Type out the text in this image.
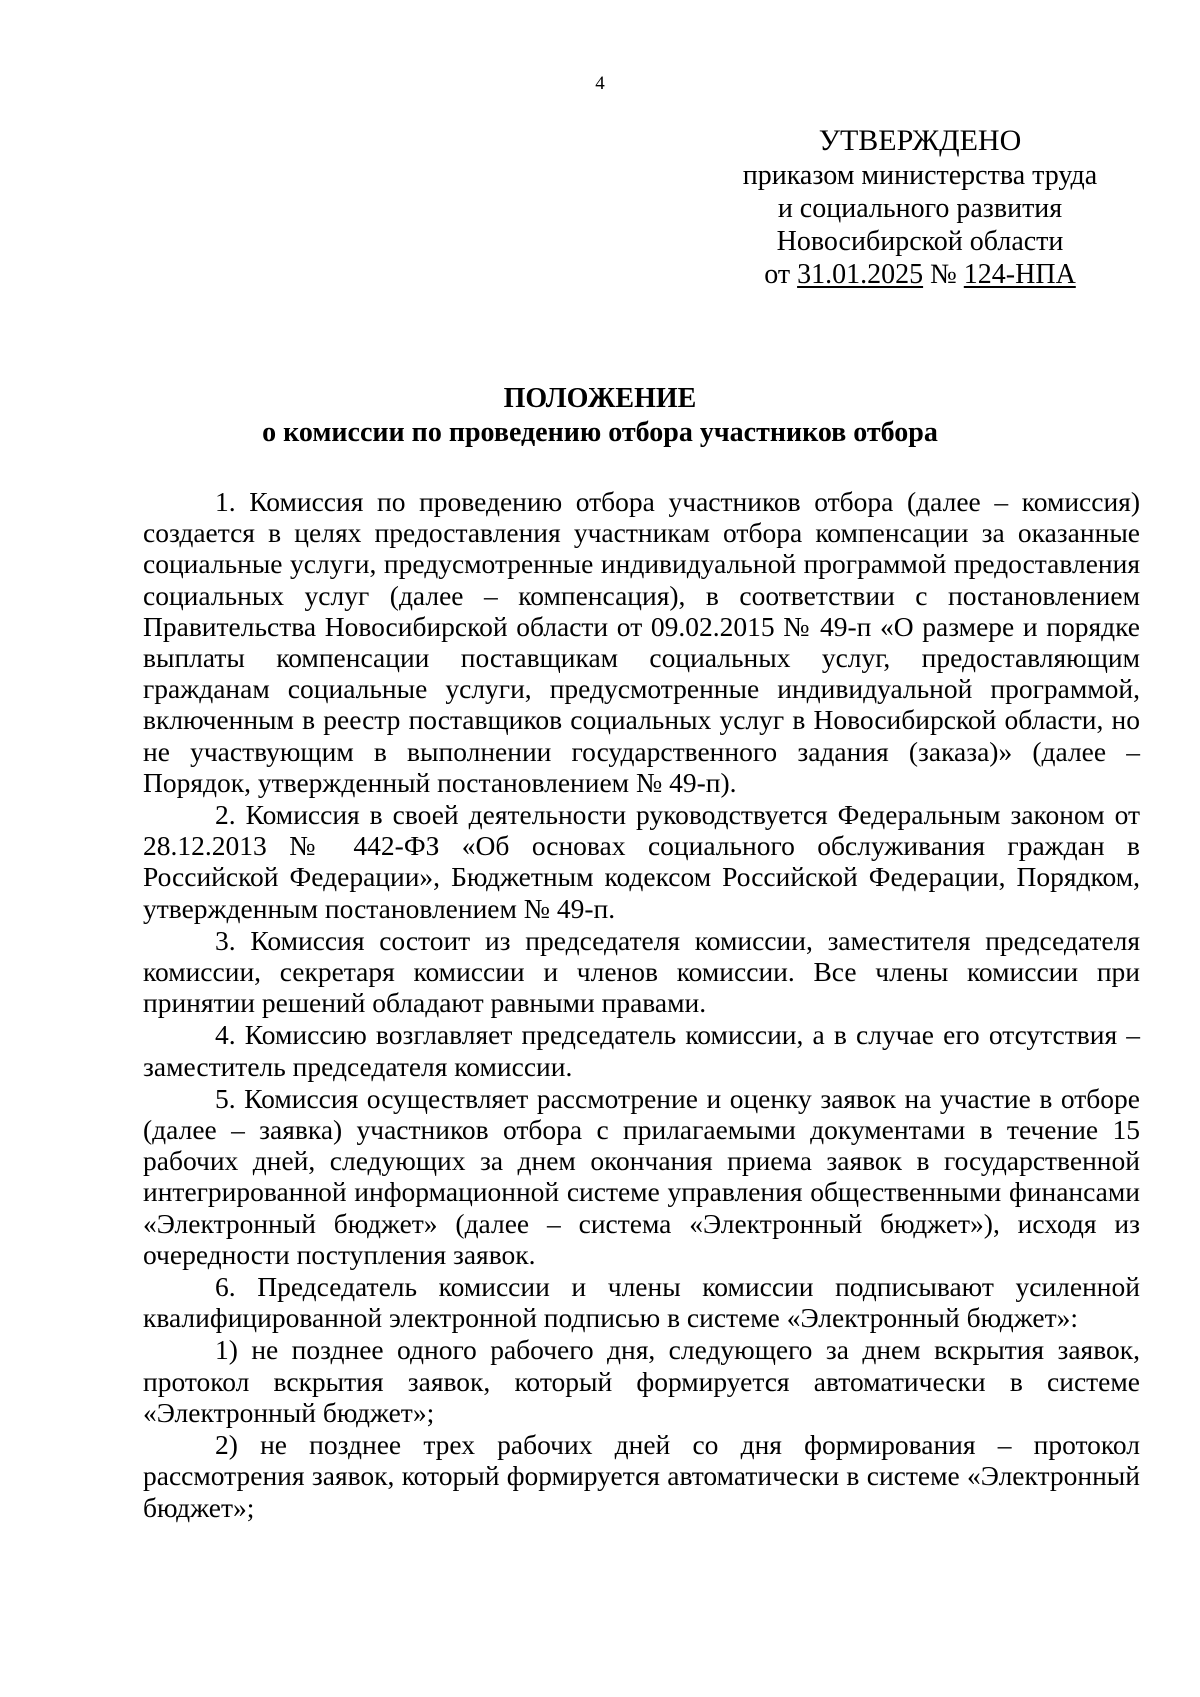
4
УТВЕРЖДЕНО
приказом министерства труда
и социального развития
Новосибирской области
от 31.01.2025 № 124-НПА
ПОЛОЖЕНИЕ
о комиссии по проведению отбора участников отбора

1. Комиссия по проведению отбора участников отбора (далее – комиссия) создается в целях предоставления участникам отбора компенсации за оказанные социальные услуги, предусмотренные индивидуальной программой предоставления социальных услуг (далее – компенсация), в соответствии с постановлением Правительства Новосибирской области от 09.02.2015 № 49-п «О размере и порядке выплаты компенсации поставщикам социальных услуг, предоставляющим гражданам социальные услуги, предусмотренные индивидуальной программой, включенным в реестр поставщиков социальных услуг в Новосибирской области, но не участвующим в выполнении государственного задания (заказа)» (далее – Порядок, утвержденный постановлением № 49-п).

2. Комиссия в своей деятельности руководствуется Федеральным законом от 28.12.2013 № 442-ФЗ «Об основах социального обслуживания граждан в Российской Федерации», Бюджетным кодексом Российской Федерации, Порядком, утвержденным постановлением № 49-п.

3. Комиссия состоит из председателя комиссии, заместителя председателя комиссии, секретаря комиссии и членов комиссии. Все члены комиссии при принятии решений обладают равными правами.

4. Комиссию возглавляет председатель комиссии, а в случае его отсутствия – заместитель председателя комиссии.

5. Комиссия осуществляет рассмотрение и оценку заявок на участие в отборе (далее – заявка) участников отбора с прилагаемыми документами в течение 15 рабочих дней, следующих за днем окончания приема заявок в государственной интегрированной информационной системе управления общественными финансами «Электронный бюджет» (далее – система «Электронный бюджет»), исходя из очередности поступления заявок.

6. Председатель комиссии и члены комиссии подписывают усиленной квалифицированной электронной подписью в системе «Электронный бюджет»:

1) не позднее одного рабочего дня, следующего за днем вскрытия заявок, протокол вскрытия заявок, который формируется автоматически в системе «Электронный бюджет»;

2) не позднее трех рабочих дней со дня формирования – протокол рассмотрения заявок, который формируется автоматически в системе «Электронный бюджет»;
